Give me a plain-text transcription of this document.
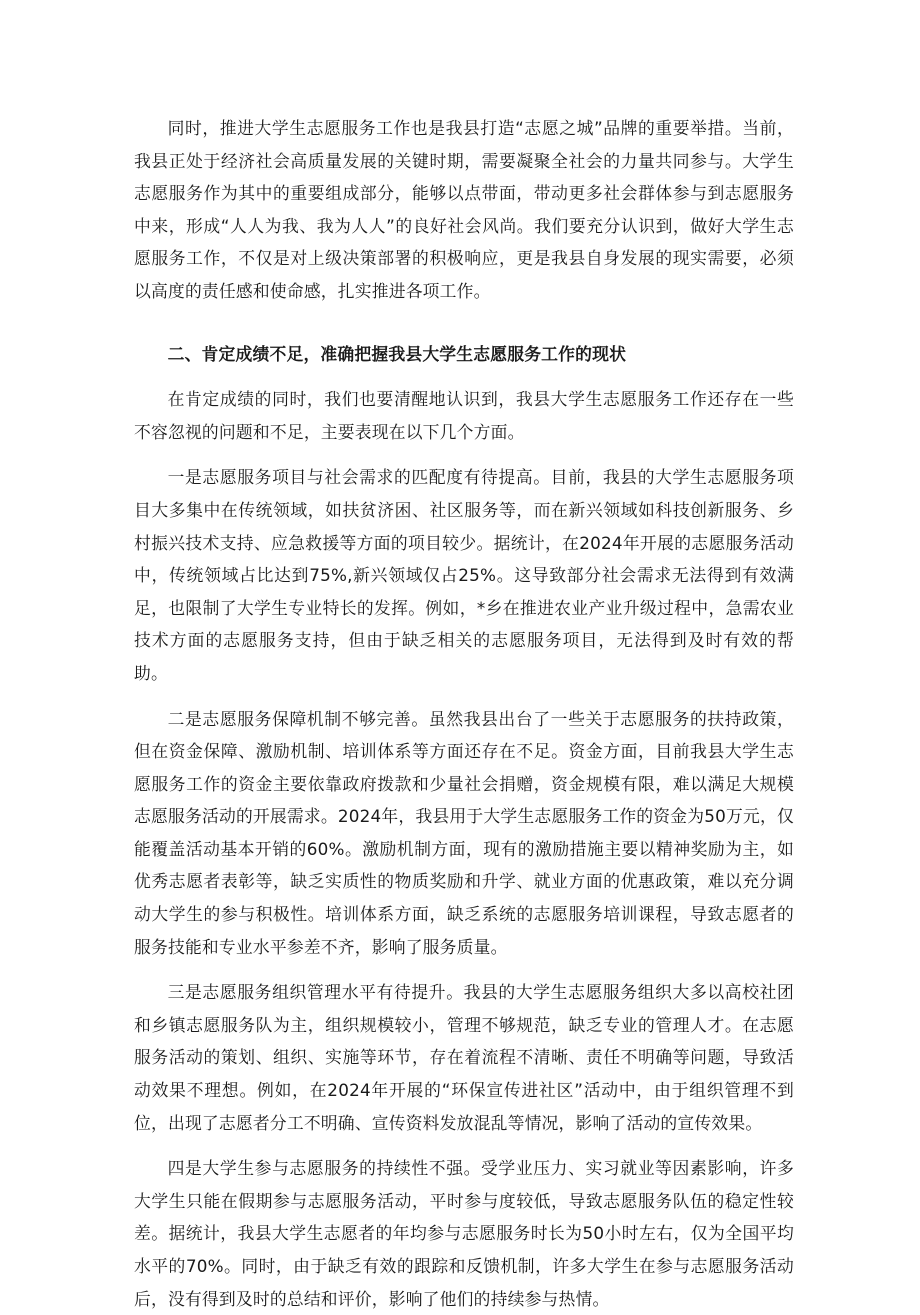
同时，推进大学生志愿服务工作也是我县打造“志愿之城”品牌的重要举措。当前，我县正处于经济社会高质量发展的关键时期，需要凝聚全社会的力量共同参与。大学生志愿服务作为其中的重要组成部分，能够以点带面，带动更多社会群体参与到志愿服务中来，形成“人人为我、我为人人”的良好社会风尚。我们要充分认识到，做好大学生志愿服务工作，不仅是对上级决策部署的积极响应，更是我县自身发展的现实需要，必须以高度的责任感和使命感，扎实推进各项工作。

二、肯定成绩不足，准确把握我县大学生志愿服务工作的现状

在肯定成绩的同时，我们也要清醒地认识到，我县大学生志愿服务工作还存在一些不容忽视的问题和不足，主要表现在以下几个方面。

一是志愿服务项目与社会需求的匹配度有待提高。目前，我县的大学生志愿服务项目大多集中在传统领域，如扶贫济困、社区服务等，而在新兴领域如科技创新服务、乡村振兴技术支持、应急救援等方面的项目较少。据统计，在2024年开展的志愿服务活动中，传统领域占比达到75%,新兴领域仅占25%。这导致部分社会需求无法得到有效满足，也限制了大学生专业特长的发挥。例如，*乡在推进农业产业升级过程中，急需农业技术方面的志愿服务支持，但由于缺乏相关的志愿服务项目，无法得到及时有效的帮助。

二是志愿服务保障机制不够完善。虽然我县出台了一些关于志愿服务的扶持政策，但在资金保障、激励机制、培训体系等方面还存在不足。资金方面，目前我县大学生志愿服务工作的资金主要依靠政府拨款和少量社会捐赠，资金规模有限，难以满足大规模志愿服务活动的开展需求。2024年，我县用于大学生志愿服务工作的资金为50万元，仅能覆盖活动基本开销的60%。激励机制方面，现有的激励措施主要以精神奖励为主，如优秀志愿者表彰等，缺乏实质性的物质奖励和升学、就业方面的优惠政策，难以充分调动大学生的参与积极性。培训体系方面，缺乏系统的志愿服务培训课程，导致志愿者的服务技能和专业水平参差不齐，影响了服务质量。

三是志愿服务组织管理水平有待提升。我县的大学生志愿服务组织大多以高校社团和乡镇志愿服务队为主，组织规模较小，管理不够规范，缺乏专业的管理人才。在志愿服务活动的策划、组织、实施等环节，存在着流程不清晰、责任不明确等问题，导致活动效果不理想。例如，在2024年开展的“环保宣传进社区”活动中，由于组织管理不到位，出现了志愿者分工不明确、宣传资料发放混乱等情况，影响了活动的宣传效果。

四是大学生参与志愿服务的持续性不强。受学业压力、实习就业等因素影响，许多大学生只能在假期参与志愿服务活动，平时参与度较低，导致志愿服务队伍的稳定性较差。据统计，我县大学生志愿者的年均参与志愿服务时长为50小时左右，仅为全国平均水平的70%。同时，由于缺乏有效的跟踪和反馈机制，许多大学生在参与志愿服务活动后，没有得到及时的总结和评价，影响了他们的持续参与热情。
